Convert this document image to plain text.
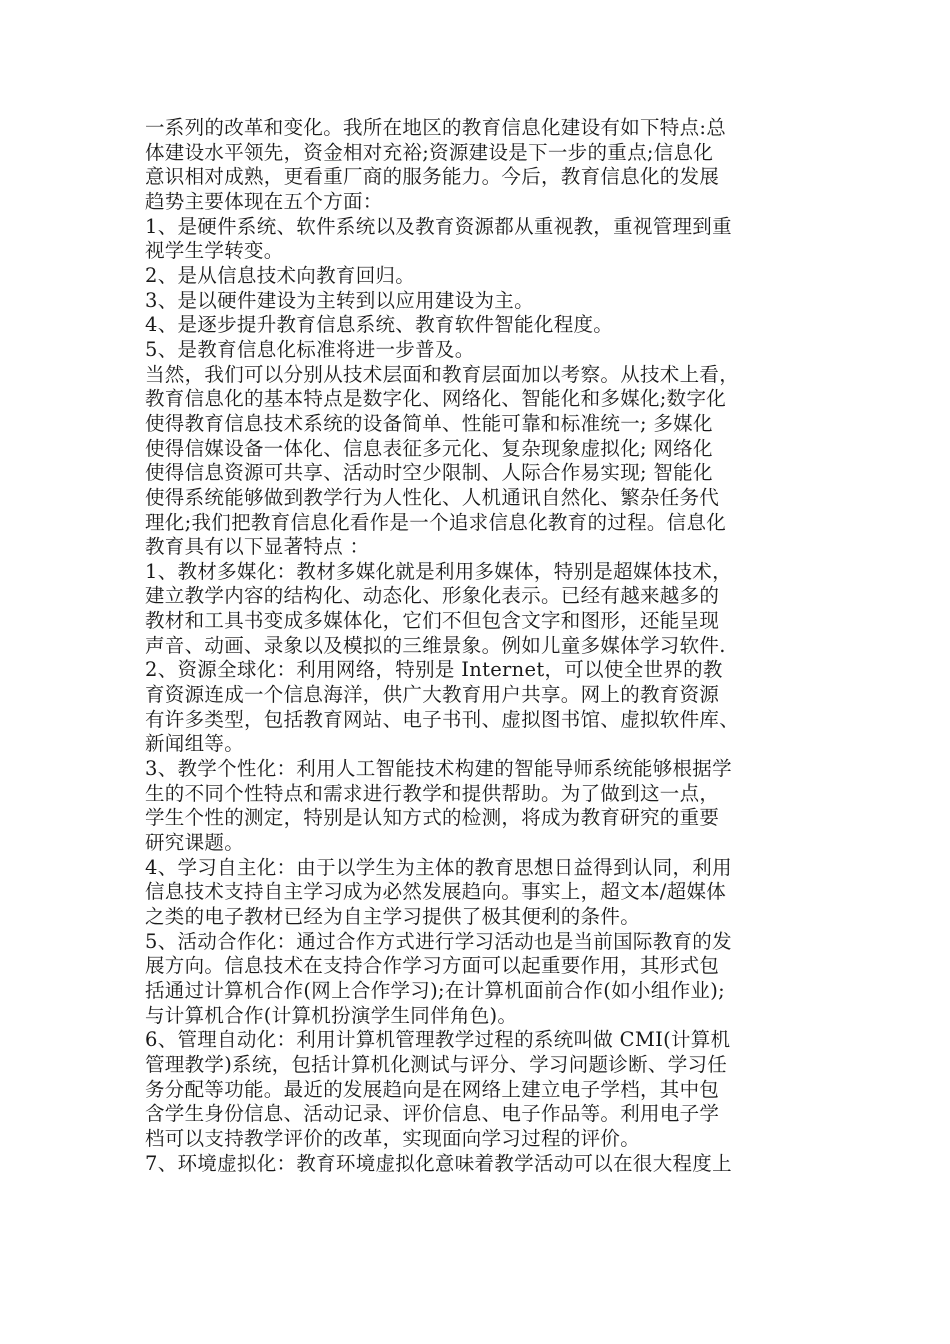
一系列的改革和变化。我所在地区的教育信息化建设有如下特点:总
体建设水平领先，资金相对充裕;资源建设是下一步的重点;信息化
意识相对成熟，更看重厂商的服务能力。今后，教育信息化的发展
趋势主要体现在五个方面：
1、是硬件系统、软件系统以及教育资源都从重视教，重视管理到重
视学生学转变。
2、是从信息技术向教育回归。
3、是以硬件建设为主转到以应用建设为主。
4、是逐步提升教育信息系统、教育软件智能化程度。
5、是教育信息化标准将进一步普及。
当然，我们可以分别从技术层面和教育层面加以考察。从技术上看，
教育信息化的基本特点是数字化、网络化、智能化和多媒化;数字化
使得教育信息技术系统的设备简单、性能可靠和标准统一; 多媒化
使得信媒设备一体化、信息表征多元化、复杂现象虚拟化; 网络化
使得信息资源可共享、活动时空少限制、人际合作易实现; 智能化
使得系统能够做到教学行为人性化、人机通讯自然化、繁杂任务代
理化;我们把教育信息化看作是一个追求信息化教育的过程。信息化
教育具有以下显著特点 ：
1、教材多媒化：教材多媒化就是利用多媒体，特别是超媒体技术，
建立教学内容的结构化、动态化、形象化表示。已经有越来越多的
教材和工具书变成多媒体化，它们不但包含文字和图形，还能呈现
声音、动画、录象以及模拟的三维景象。例如儿童多媒体学习软件.
2、资源全球化：利用网络，特别是 Internet，可以使全世界的教
育资源连成一个信息海洋，供广大教育用户共享。网上的教育资源
有许多类型，包括教育网站、电子书刊、虚拟图书馆、虚拟软件库、
新闻组等。
3、教学个性化：利用人工智能技术构建的智能导师系统能够根据学
生的不同个性特点和需求进行教学和提供帮助。为了做到这一点，
学生个性的测定，特别是认知方式的检测，将成为教育研究的重要
研究课题。
4、学习自主化：由于以学生为主体的教育思想日益得到认同，利用
信息技术支持自主学习成为必然发展趋向。事实上，超文本/超媒体
之类的电子教材已经为自主学习提供了极其便利的条件。
5、活动合作化：通过合作方式进行学习活动也是当前国际教育的发
展方向。信息技术在支持合作学习方面可以起重要作用，其形式包
括通过计算机合作(网上合作学习);在计算机面前合作(如小组作业);
与计算机合作(计算机扮演学生同伴角色)。
6、管理自动化：利用计算机管理教学过程的系统叫做 CMI(计算机
管理教学)系统，包括计算机化测试与评分、学习问题诊断、学习任
务分配等功能。最近的发展趋向是在网络上建立电子学档，其中包
含学生身份信息、活动记录、评价信息、电子作品等。利用电子学
档可以支持教学评价的改革，实现面向学习过程的评价。
7、环境虚拟化：教育环境虚拟化意味着教学活动可以在很大程度上
